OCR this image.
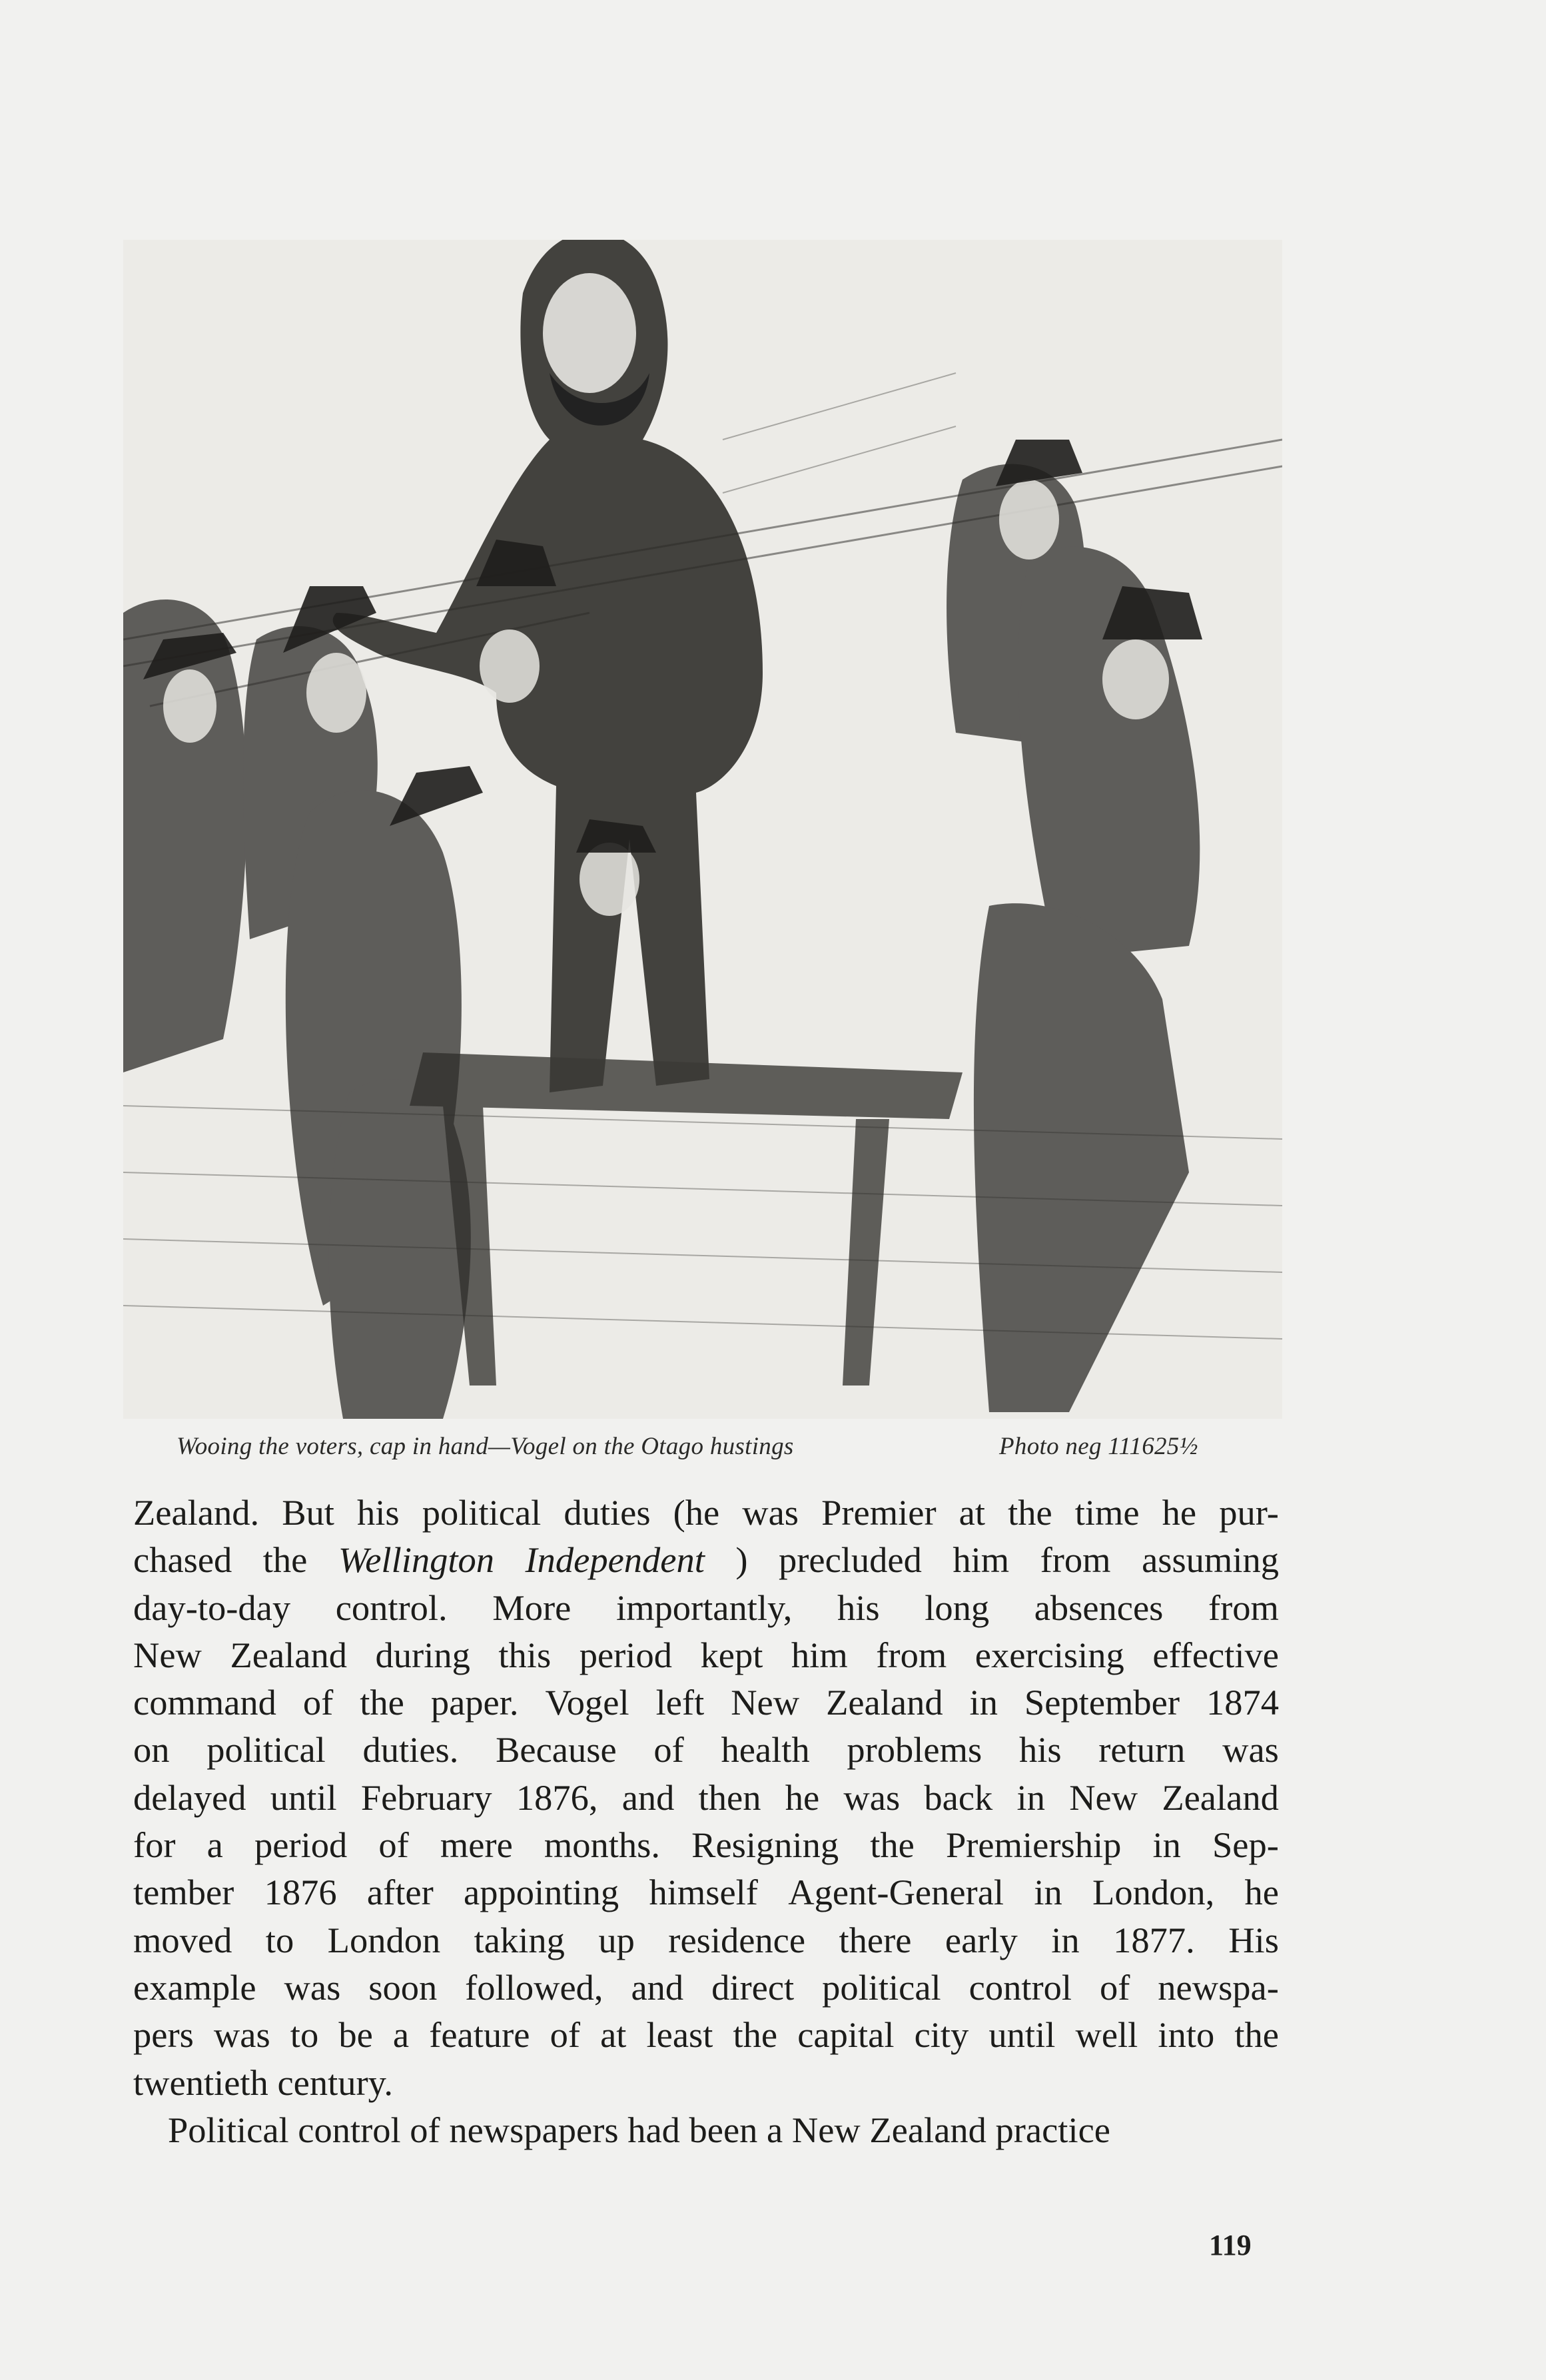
Wooing the voters, cap in hand—Vogel on the Otago hustings	Photo neg 111625½
Zealand. But his political duties (he was Premier at the time he pur-
chased the Wellington Independent ) precluded him from assuming
day-to-day control. More importantly, his long absences from
New Zealand during this period kept him from exercising effective
command of the paper. Vogel left New Zealand in September 1874
on political duties. Because of health problems his return was
delayed until February 1876, and then he was back in New Zealand
for a period of mere months. Resigning the Premiership in Sep-
tember 1876 after appointing himself Agent-General in London, he
moved to London taking up residence there early in 1877. His
example was soon followed, and direct political control of newspa-
pers was to be a feature of at least the capital city until well into the
twentieth century.
Political control of newspapers had been a New Zealand practice
119
